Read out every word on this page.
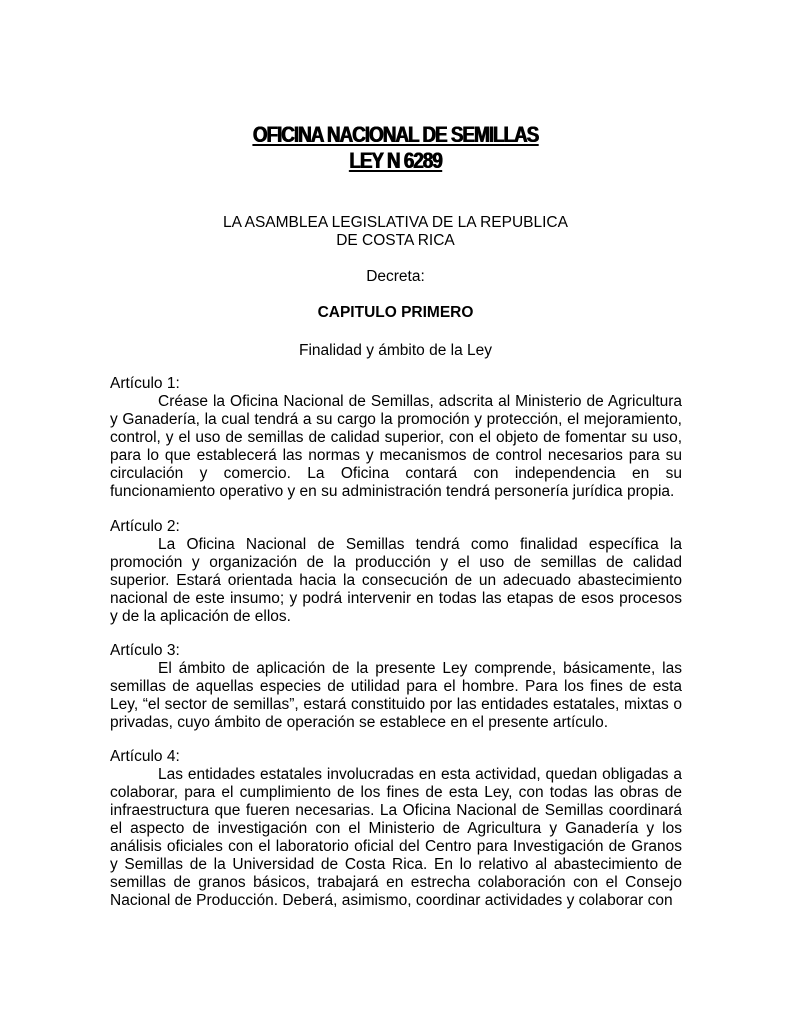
OFICINA NACIONAL DE SEMILLAS
LEY N 6289
LA ASAMBLEA LEGISLATIVA DE LA REPUBLICA
DE COSTA RICA
Decreta:
CAPITULO PRIMERO
Finalidad y ámbito de la Ley
Artículo 1:
Créase la Oficina Nacional de Semillas, adscrita al Ministerio de Agricultura y Ganadería, la cual tendrá a su cargo la promoción y protección, el mejoramiento, control, y el uso de semillas de calidad superior, con el objeto de fomentar su uso, para lo que establecerá las normas y mecanismos de control necesarios para su circulación y comercio. La Oficina contará con independencia en su funcionamiento operativo y en su administración tendrá personería jurídica propia.
Artículo 2:
La Oficina Nacional de Semillas tendrá como finalidad específica la promoción y organización de la producción y el uso de semillas de calidad superior. Estará orientada hacia la consecución de un adecuado abastecimiento nacional de este insumo; y podrá intervenir en todas las etapas de esos procesos y de la aplicación de ellos.
Artículo 3:
El ámbito de aplicación de la presente Ley comprende, básicamente, las semillas de aquellas especies de utilidad para el hombre. Para los fines de esta Ley, “el sector de semillas”, estará constituido por las entidades estatales, mixtas o privadas, cuyo ámbito de operación se establece en el presente artículo.
Artículo 4:
Las entidades estatales involucradas en esta actividad, quedan obligadas a colaborar, para el cumplimiento de los fines de esta Ley, con todas las obras de infraestructura que fueren necesarias. La Oficina Nacional de Semillas coordinará el aspecto de investigación con el Ministerio de Agricultura y Ganadería y los análisis oficiales con el laboratorio oficial del Centro para Investigación de Granos y Semillas de la Universidad de Costa Rica. En lo relativo al abastecimiento de semillas de granos básicos, trabajará en estrecha colaboración con el Consejo Nacional de Producción. Deberá, asimismo, coordinar actividades y colaborar con
